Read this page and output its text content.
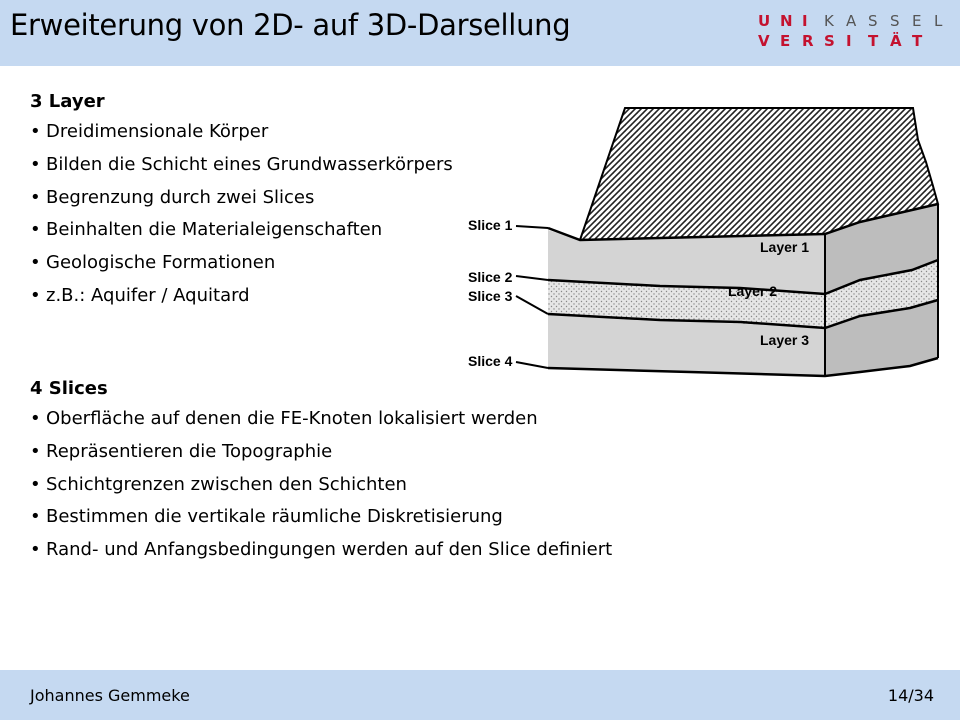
Erweiterung von 2D- auf 3D-Darsellung	U N I K A S S E L
V E R S I T Ä T

3 Layer

• Dreidimensionale Körper
• Bilden die Schicht eines Grundwasserkörpers
• Begrenzung durch zwei Slices
• Beinhalten die Materialeigenschaften
• Geologische Formationen
• z.B.: Aquifer / Aquitard
Slice 1
Slice 2
Slice 3
Slice 4
Layer 1
Layer 2
Layer 3

4 Slices

• Oberfläche auf denen die FE-Knoten lokalisiert werden
• Repräsentieren die Topographie
• Schichtgrenzen zwischen den Schichten
• Bestimmen die vertikale räumliche Diskretisierung
• Rand- und Anfangsbedingungen werden auf den Slice definiert
Johannes Gemmeke	14/34
